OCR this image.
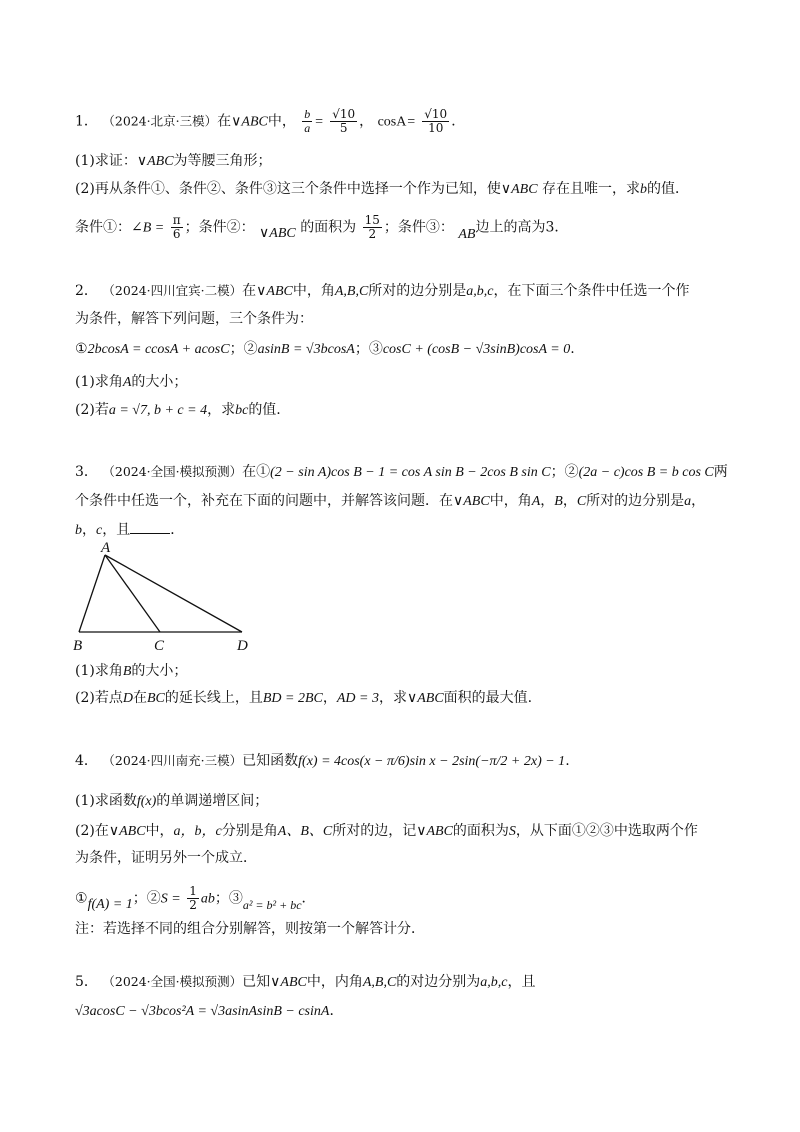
1． （2024·北京·三模）在∨ABC中， $\frac{b}{a} = \frac{√10}{5}$ ， $\cos A= \frac{√10}{10}$ ．
(1)求证：∨ABC为等腰三角形；
(2)再从条件①、条件②、条件③这三个条件中选择一个作为已知，使∨ABC 存在且唯一，求b的值．
条件①：∠B = $\frac{\pi}{6}$ ；条件②： ∨ABC 的面积为 $\frac{15}{2}$ ；条件③： AB边上的高为3．
2． （2024·四川宜宾·二模）在∨ABC中，角A,B,C所对的边分别是a,b,c，在下面三个条件中任选一个作
为条件，解答下列问题，三个条件为：
①2bcosA = ccosA + acosC；②asinB = √3bcosA；③cosC + (cosB − √3sinB)cosA = 0.
(1)求角A的大小；
(2)若a = √7, b + c = 4，求bc的值.
3． （2024·全国·模拟预测）在①(2 − sin A)cos B − 1 = cos A sin B − 2cos B sin C；②(2a − c)cos B = b cos C两
个条件中任选一个，补充在下面的问题中，并解答该问题．在∨ABC中，角A，B，C所对的边分别是a，
b，c，且	．
A
B	C	D
(1)求角B的大小；
(2)若点D在BC的延长线上，且BD = 2BC，AD = 3，求∨ABC面积的最大值.
4． （2024·四川南充·三模）已知函数f(x) = 4cos(x − π/6)sin x − 2sin(−π/2 + 2x) − 1.
(1)求函数f(x)的单调递增区间；
(2)在∨ABC中，a，b，c分别是角A、B、C所对的边，记∨ABC的面积为S，从下面①②③中选取两个作
为条件，证明另外一个成立．
①f(A) = 1；②S = $\frac{1}{2}$ ab；③a² = b² + bc．
注：若选择不同的组合分别解答，则按第一个解答计分．
5． （2024·全国·模拟预测）已知∨ABC中，内角A,B,C的对边分别为a,b,c，且
√3acosC − √3bcos²A = √3asinAsinB − csinA．
